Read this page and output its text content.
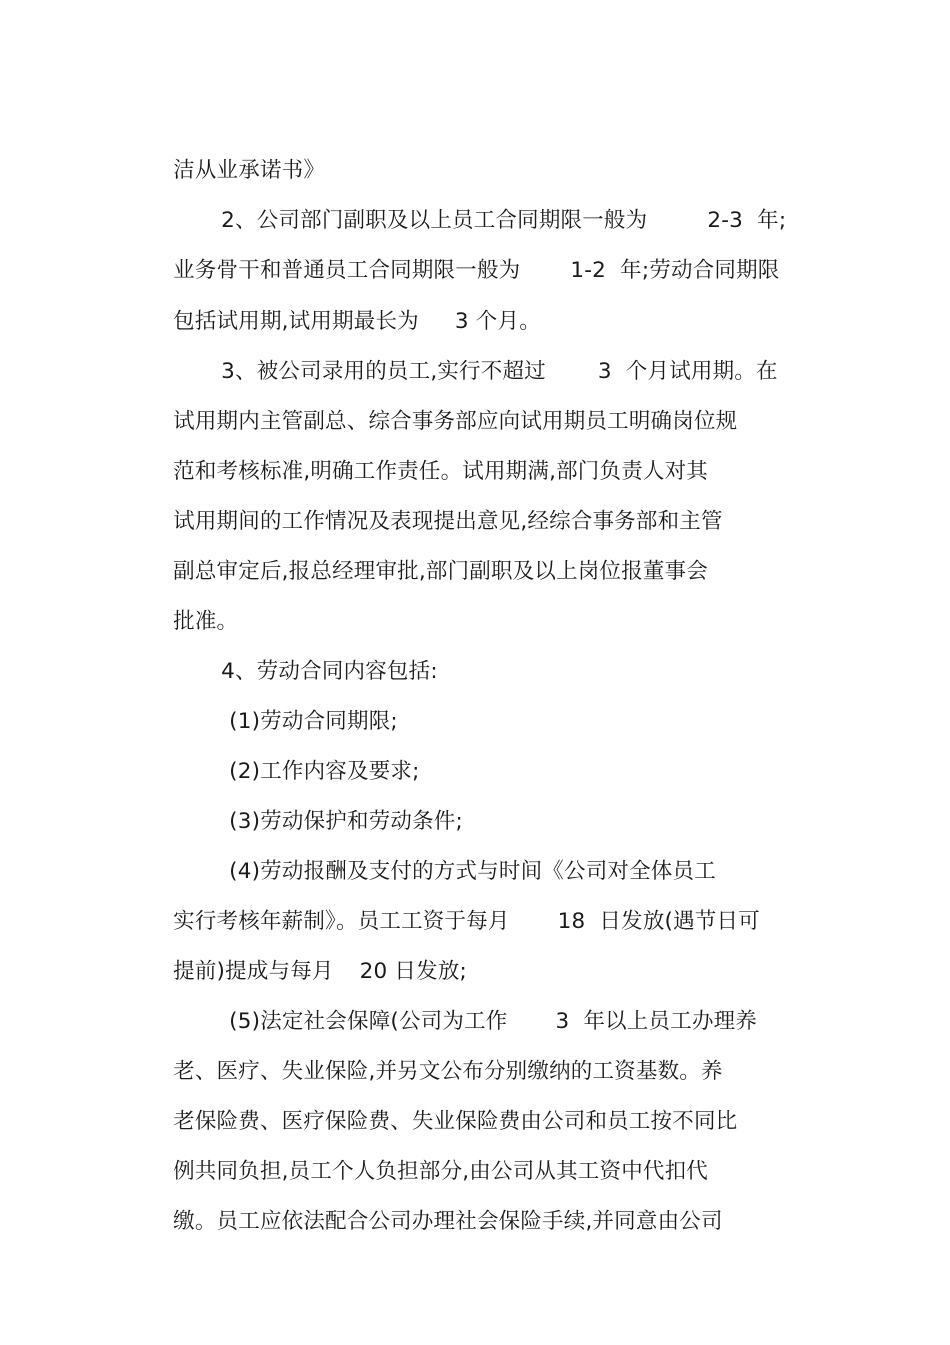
洁从业承诺书》

2、公司部门副职及以上员工合同期限一般为	2-3  年;

业务骨干和普通员工合同期限一般为 1-2  年;劳动合同期限

包括试用期,试用期最长为 3 个月。

3、被公司录用的员工,实行不超过 3  个月试用期。在

试用期内主管副总、综合事务部应向试用期员工明确岗位规

范和考核标准,明确工作责任。试用期满,部门负责人对其

试用期间的工作情况及表现提出意见,经综合事务部和主管

副总审定后,报总经理审批,部门副职及以上岗位报董事会

批准。

4、劳动合同内容包括:

(1)劳动合同期限;

(2)工作内容及要求;

(3)劳动保护和劳动条件;

(4)劳动报酬及支付的方式与时间《公司对全体员工

实行考核年薪制》。员工工资于每月 18  日发放(遇节日可

提前)提成与每月 20 日发放;

(5)法定社会保障(公司为工作 3  年以上员工办理养

老、医疗、失业保险,并另文公布分别缴纳的工资基数。养

老保险费、医疗保险费、失业保险费由公司和员工按不同比

例共同负担,员工个人负担部分,由公司从其工资中代扣代

缴。员工应依法配合公司办理社会保险手续,并同意由公司
